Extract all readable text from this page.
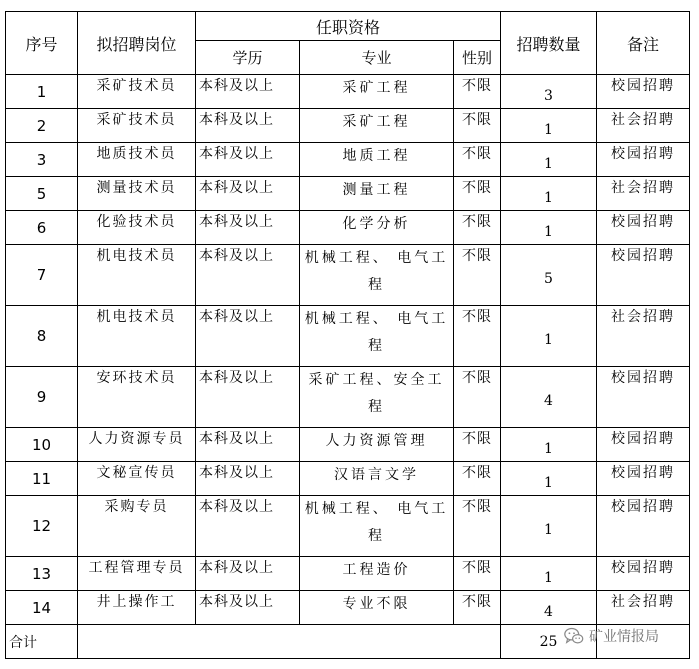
序号	拟招聘岗位	任职资格			招聘数量	备注
		学历	专业	性别		
1	采矿技术员	本科及以上	采矿工程	不限	3	校园招聘
2	采矿技术员	本科及以上	采矿工程	不限	1	社会招聘
3	地质技术员	本科及以上	地质工程	不限	1	校园招聘
5	测量技术员	本科及以上	测量工程	不限	1	社会招聘
6	化验技术员	本科及以上	化学分析	不限	1	校园招聘
7	机电技术员	本科及以上	机械工程、 电气工程	不限	5	校园招聘
8	机电技术员	本科及以上	机械工程、 电气工程	不限	1	社会招聘
9	安环技术员	本科及以上	采矿工程、安全工程	不限	4	校园招聘
10	人力资源专员	本科及以上	人力资源管理	不限	1	校园招聘
11	文秘宣传员	本科及以上	汉语言文学	不限	1	校园招聘
12	采购专员	本科及以上	机械工程、 电气工程	不限	1	校园招聘
13	工程管理专员	本科及以上	工程造价	不限	1	校园招聘
14	井上操作工	本科及以上	专业不限	不限	4	社会招聘
合计					25	矿业情报局
